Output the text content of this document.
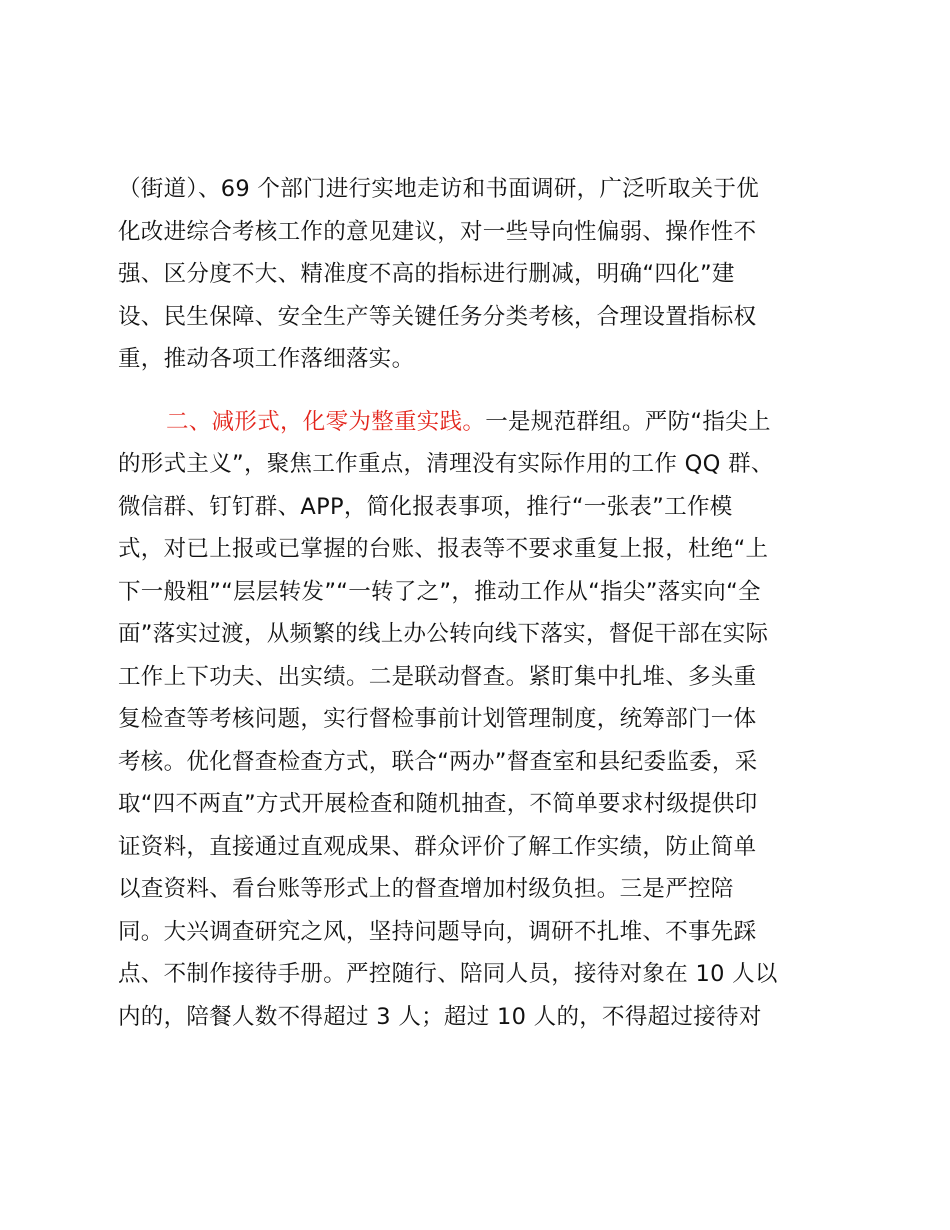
（街道）、69 个部门进行实地走访和书面调研，广泛听取关于优
化改进综合考核工作的意见建议，对一些导向性偏弱、操作性不
强、区分度不大、精准度不高的指标进行删减，明确“四化”建
设、民生保障、安全生产等关键任务分类考核，合理设置指标权
重，推动各项工作落细落实。
二、减形式，化零为整重实践。一是规范群组。严防“指尖上
的形式主义”，聚焦工作重点，清理没有实际作用的工作 QQ 群、
微信群、钉钉群、APP，简化报表事项，推行“一张表”工作模
式，对已上报或已掌握的台账、报表等不要求重复上报，杜绝“上
下一般粗”“层层转发”“一转了之”，推动工作从“指尖”落实向“全
面”落实过渡，从频繁的线上办公转向线下落实，督促干部在实际
工作上下功夫、出实绩。二是联动督查。紧盯集中扎堆、多头重
复检查等考核问题，实行督检事前计划管理制度，统筹部门一体
考核。优化督查检查方式，联合“两办”督查室和县纪委监委，采
取“四不两直”方式开展检查和随机抽查，不简单要求村级提供印
证资料，直接通过直观成果、群众评价了解工作实绩，防止简单
以查资料、看台账等形式上的督查增加村级负担。三是严控陪
同。大兴调查研究之风，坚持问题导向，调研不扎堆、不事先踩
点、不制作接待手册。严控随行、陪同人员，接待对象在 10 人以
内的，陪餐人数不得超过 3 人；超过 10 人的，不得超过接待对
